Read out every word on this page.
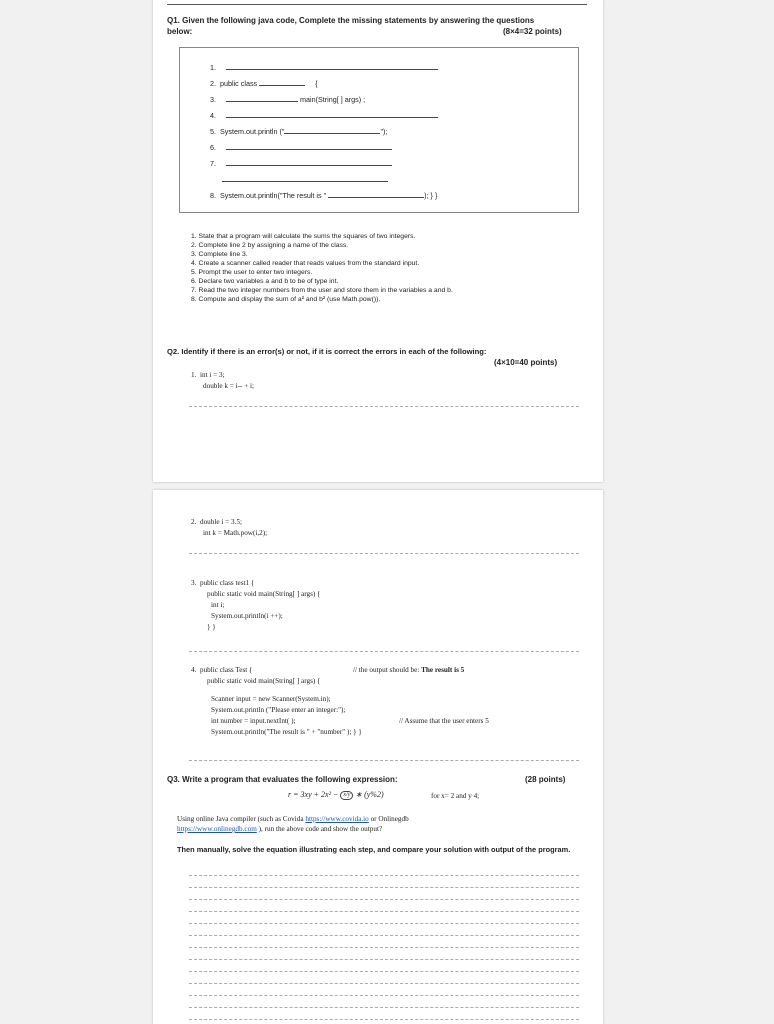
Q1. Given the following java code, Complete the missing statements by answering the questions
below:	(8×4=32 points)
1.
2. public class	{
3.	main(String[ ] args) ;
4.
5. System.out.println ("	");
6.
7.
8. System.out.println("The result is "	); } }
1. State that a program will calculate the sums the squares of two integers.
2. Complete line 2 by assigning a name of the class.
3. Complete line 3.
4. Create a scanner called reader that reads values from the standard input.
5. Prompt the user to enter two integers.
6. Declare two variables a and b to be of type int.
7. Read the two integer numbers from the user and store them in the variables a and b.
8. Compute and display the sum of a² and b² (use Math.pow()).
Q2. Identify if there is an error(s) or not, if it is correct the errors in each of the following:
(4×10=40 points)
1. int i = 3;
double k = i-- + i;
2. double i = 3.5;
int k = Math.pow(i,2);
3. public class test1 {
public static void main(String[ ] args) {
int i;
System.out.println(i ++);
} }
4. public class Test {	// the output should be: The result is 5
public static void main(String[ ] args) {
Scanner input = new Scanner(System.in);
System.out.println ("Please enter an integer:");
int number = input.nextInt( );	// Assume that the user enters 5
System.out.println("The result is " + "number" ); } }
Q3. Write a program that evaluates the following expression:	(28 points)
r = 3xy + 2x² − x/y ∗ (y%2)	for x= 2 and y 4;
Using online Java compiler (such as Covida https://www.covida.io or Onlinegdb
https://www.onlinegdb.com ), run the above code and show the output?
Then manually, solve the equation illustrating each step, and compare your solution with output of the program.
